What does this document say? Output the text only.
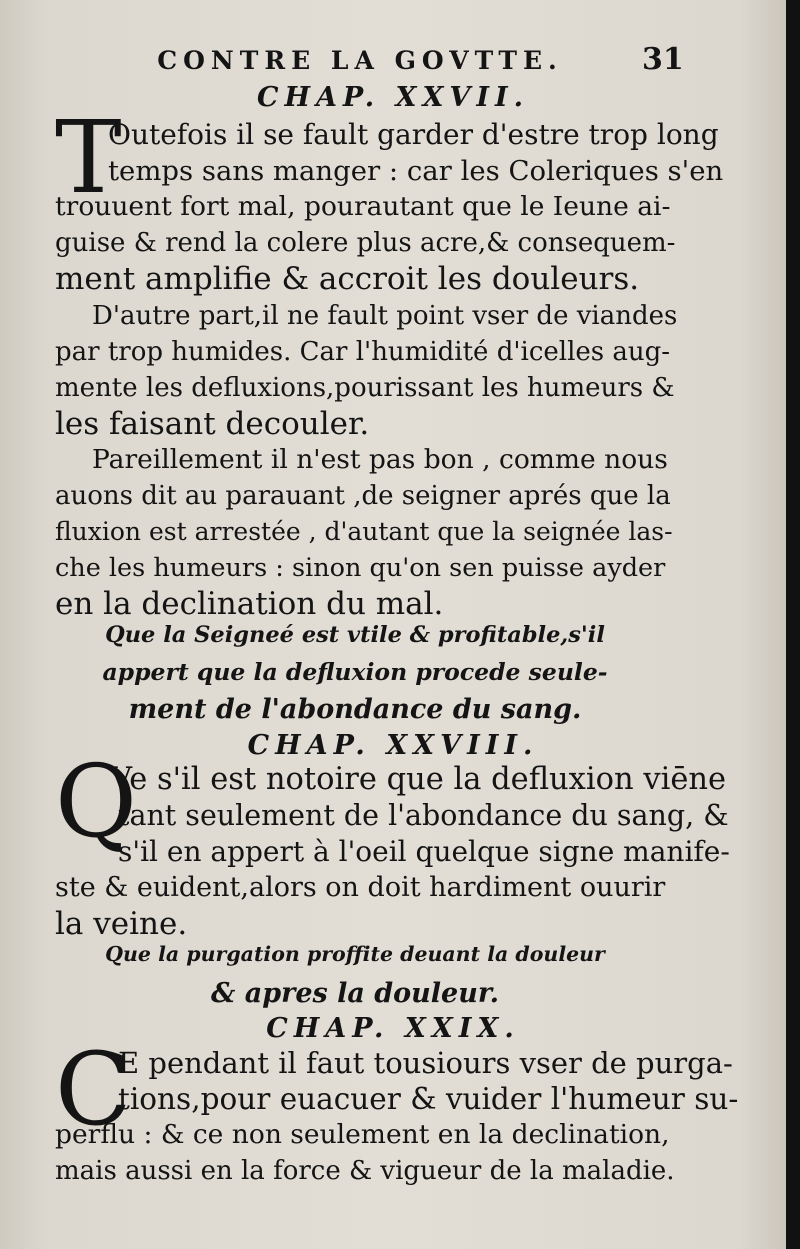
CONTRE LA GOVTTE.	31
CHAP. XXVII.
T
Outefois il se fault garder d'estre trop long
temps sans manger : car les Coleriques s'en
trouuent fort mal, pourautant que le Ieune ai-
guise & rend la colere plus acre,& consequem-
ment amplifie & accroit les douleurs.
D'autre part,il ne fault point vser de viandes
par trop humides. Car l'humidité d'icelles aug-
mente les defluxions,pourissant les humeurs &
les faisant decouler.
Pareillement il n'est pas bon , comme nous
auons dit au parauant ,de seigner aprés que la
fluxion est arrestée , d'autant que la seignée las-
che les humeurs : sinon qu'on sen puisse ayder
en la declination du mal.
Que la Seigneé est vtile & profitable,s'il
appert que la defluxion procede seule-
ment de l'abondance du sang.
CHAP. XXVIII.
Q
Ve s'il est notoire que la defluxion viēne
tant seulement de l'abondance du sang, &
s'il en appert à l'oeil quelque signe manife-
ste & euident,alors on doit hardiment ouurir
la veine.
Que la purgation proffite deuant la douleur
& apres la douleur.
CHAP. XXIX.
C
E pendant il faut tousiours vser de purga-
tions,pour euacuer & vuider l'humeur su-
perflu : & ce non seulement en la declination,
mais aussi en la force & vigueur de la maladie.
